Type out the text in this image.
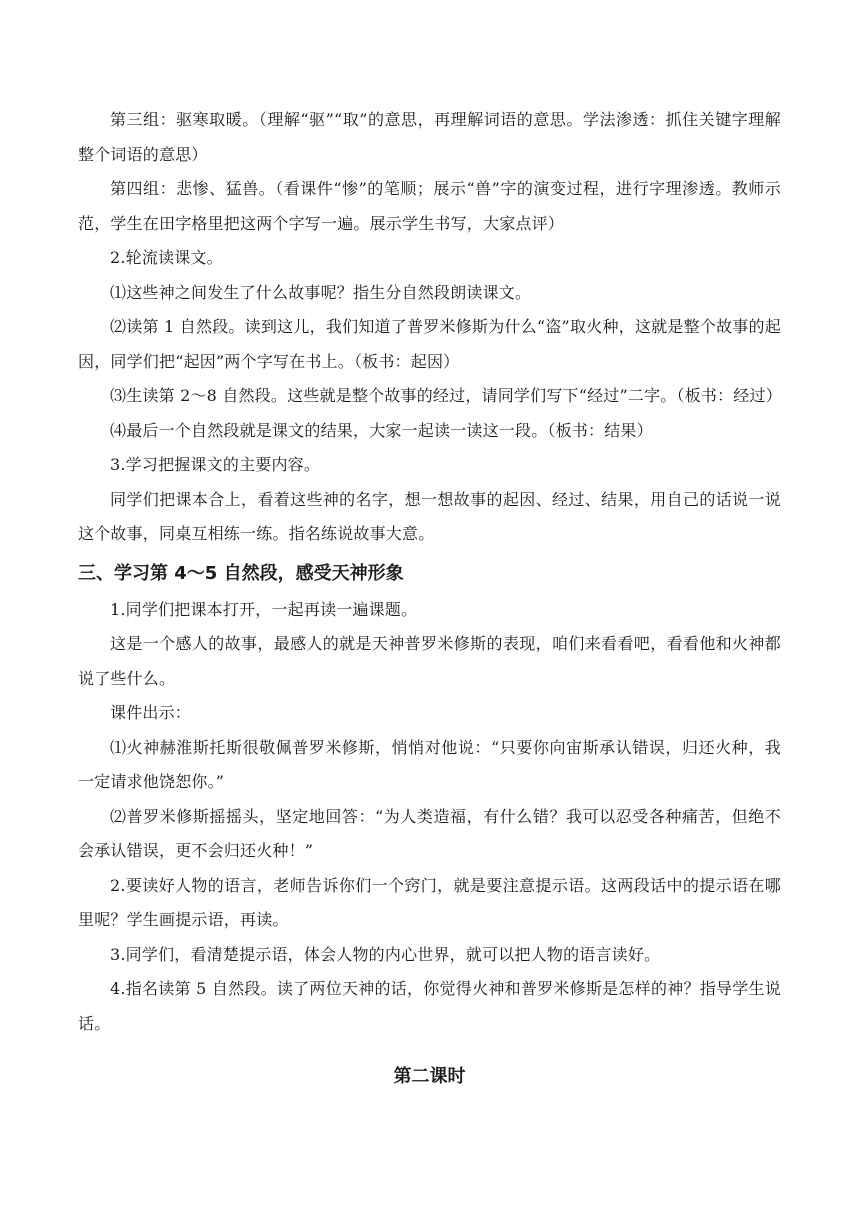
第三组：驱寒取暖。（理解“驱”“取”的意思，再理解词语的意思。学法渗透：抓住关键字理解整个词语的意思）

第四组：悲惨、猛兽。（看课件“惨”的笔顺；展示“兽”字的演变过程，进行字理渗透。教师示范，学生在田字格里把这两个字写一遍。展示学生书写，大家点评）

2.轮流读课文。

⑴这些神之间发生了什么故事呢？指生分自然段朗读课文。

⑵读第 1 自然段。读到这儿，我们知道了普罗米修斯为什么“盗”取火种，这就是整个故事的起因，同学们把“起因”两个字写在书上。（板书：起因）

⑶生读第 2～8 自然段。这些就是整个故事的经过，请同学们写下“经过”二字。（板书：经过）

⑷最后一个自然段就是课文的结果，大家一起读一读这一段。（板书：结果）

3.学习把握课文的主要内容。

同学们把课本合上，看着这些神的名字，想一想故事的起因、经过、结果，用自己的话说一说这个故事，同桌互相练一练。指名练说故事大意。

三、学习第 4～5 自然段，感受天神形象

1.同学们把课本打开，一起再读一遍课题。

这是一个感人的故事，最感人的就是天神普罗米修斯的表现，咱们来看看吧，看看他和火神都说了些什么。

课件出示：

⑴火神赫淮斯托斯很敬佩普罗米修斯，悄悄对他说：“只要你向宙斯承认错误，归还火种，我一定请求他饶恕你。”

⑵普罗米修斯摇摇头，坚定地回答：“为人类造福，有什么错？我可以忍受各种痛苦，但绝不会承认错误，更不会归还火种！”

2.要读好人物的语言，老师告诉你们一个窍门，就是要注意提示语。这两段话中的提示语在哪里呢？学生画提示语，再读。

3.同学们，看清楚提示语，体会人物的内心世界，就可以把人物的语言读好。

4.指名读第 5 自然段。读了两位天神的话，你觉得火神和普罗米修斯是怎样的神？指导学生说话。

第二课时
